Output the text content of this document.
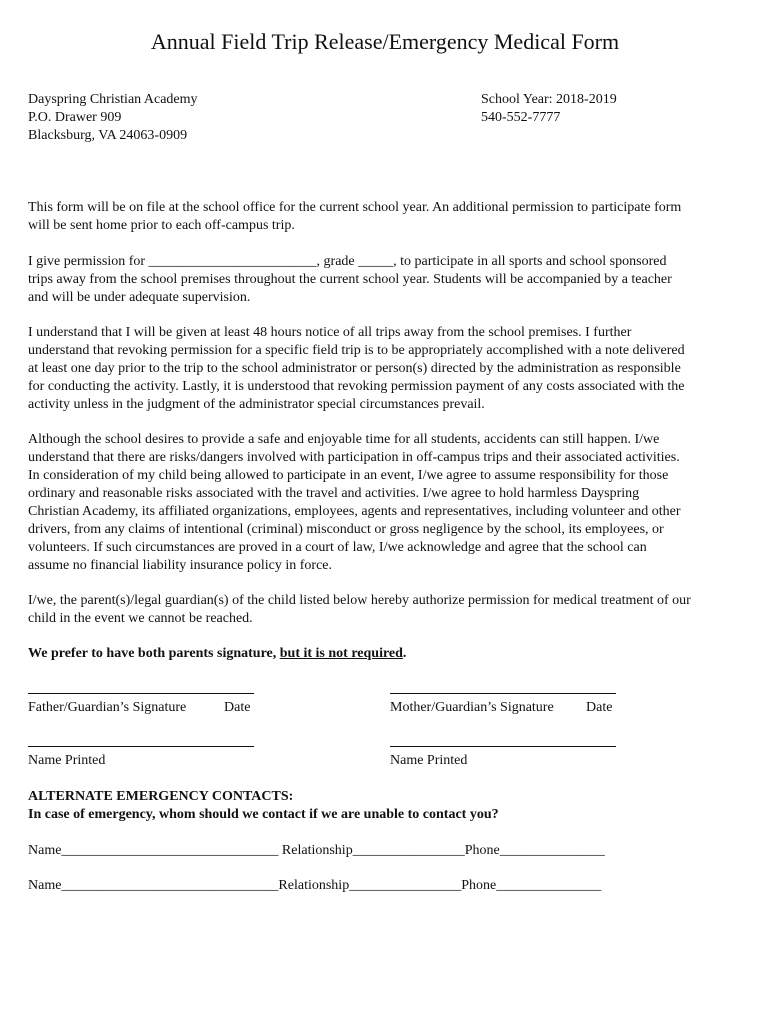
Annual Field Trip Release/Emergency Medical Form
Dayspring Christian Academy
P.O. Drawer 909
Blacksburg, VA 24063-0909
School Year: 2018-2019
540-552-7777
This form will be on file at the school office for the current school year. An additional permission to participate form
will be sent home prior to each off-campus trip.
I give permission for ________________________, grade _____, to participate in all sports and school sponsored
trips away from the school premises throughout the current school year. Students will be accompanied by a teacher
and will be under adequate supervision.
I understand that I will be given at least 48 hours notice of all trips away from the school premises. I further
understand that revoking permission for a specific field trip is to be appropriately accomplished with a note delivered
at least one day prior to the trip to the school administrator or person(s) directed by the administration as responsible
for conducting the activity. Lastly, it is understood that revoking permission payment of any costs associated with the
activity unless in the judgment of the administrator special circumstances prevail.
Although the school desires to provide a safe and enjoyable time for all students, accidents can still happen. I/we
understand that there are risks/dangers involved with participation in off-campus trips and their associated activities.
In consideration of my child being allowed to participate in an event, I/we agree to assume responsibility for those
ordinary and reasonable risks associated with the travel and activities. I/we agree to hold harmless Dayspring
Christian Academy, its affiliated organizations, employees, agents and representatives, including volunteer and other
drivers, from any claims of intentional (criminal) misconduct or gross negligence by the school, its employees, or
volunteers. If such circumstances are proved in a court of law, I/we acknowledge and agree that the school can
assume no financial liability insurance policy in force.
I/we, the parent(s)/legal guardian(s) of the child listed below hereby authorize permission for medical treatment of our
child in the event we cannot be reached.
We prefer to have both parents signature, but it is not required.
Father/Guardian’s Signature	Date	Mother/Guardian’s Signature Date
Name Printed	Name Printed
ALTERNATE EMERGENCY CONTACTS:
In case of emergency, whom should we contact if we are unable to contact you?
Name_______________________________ Relationship________________Phone_______________
Name_______________________________Relationship________________Phone_______________
